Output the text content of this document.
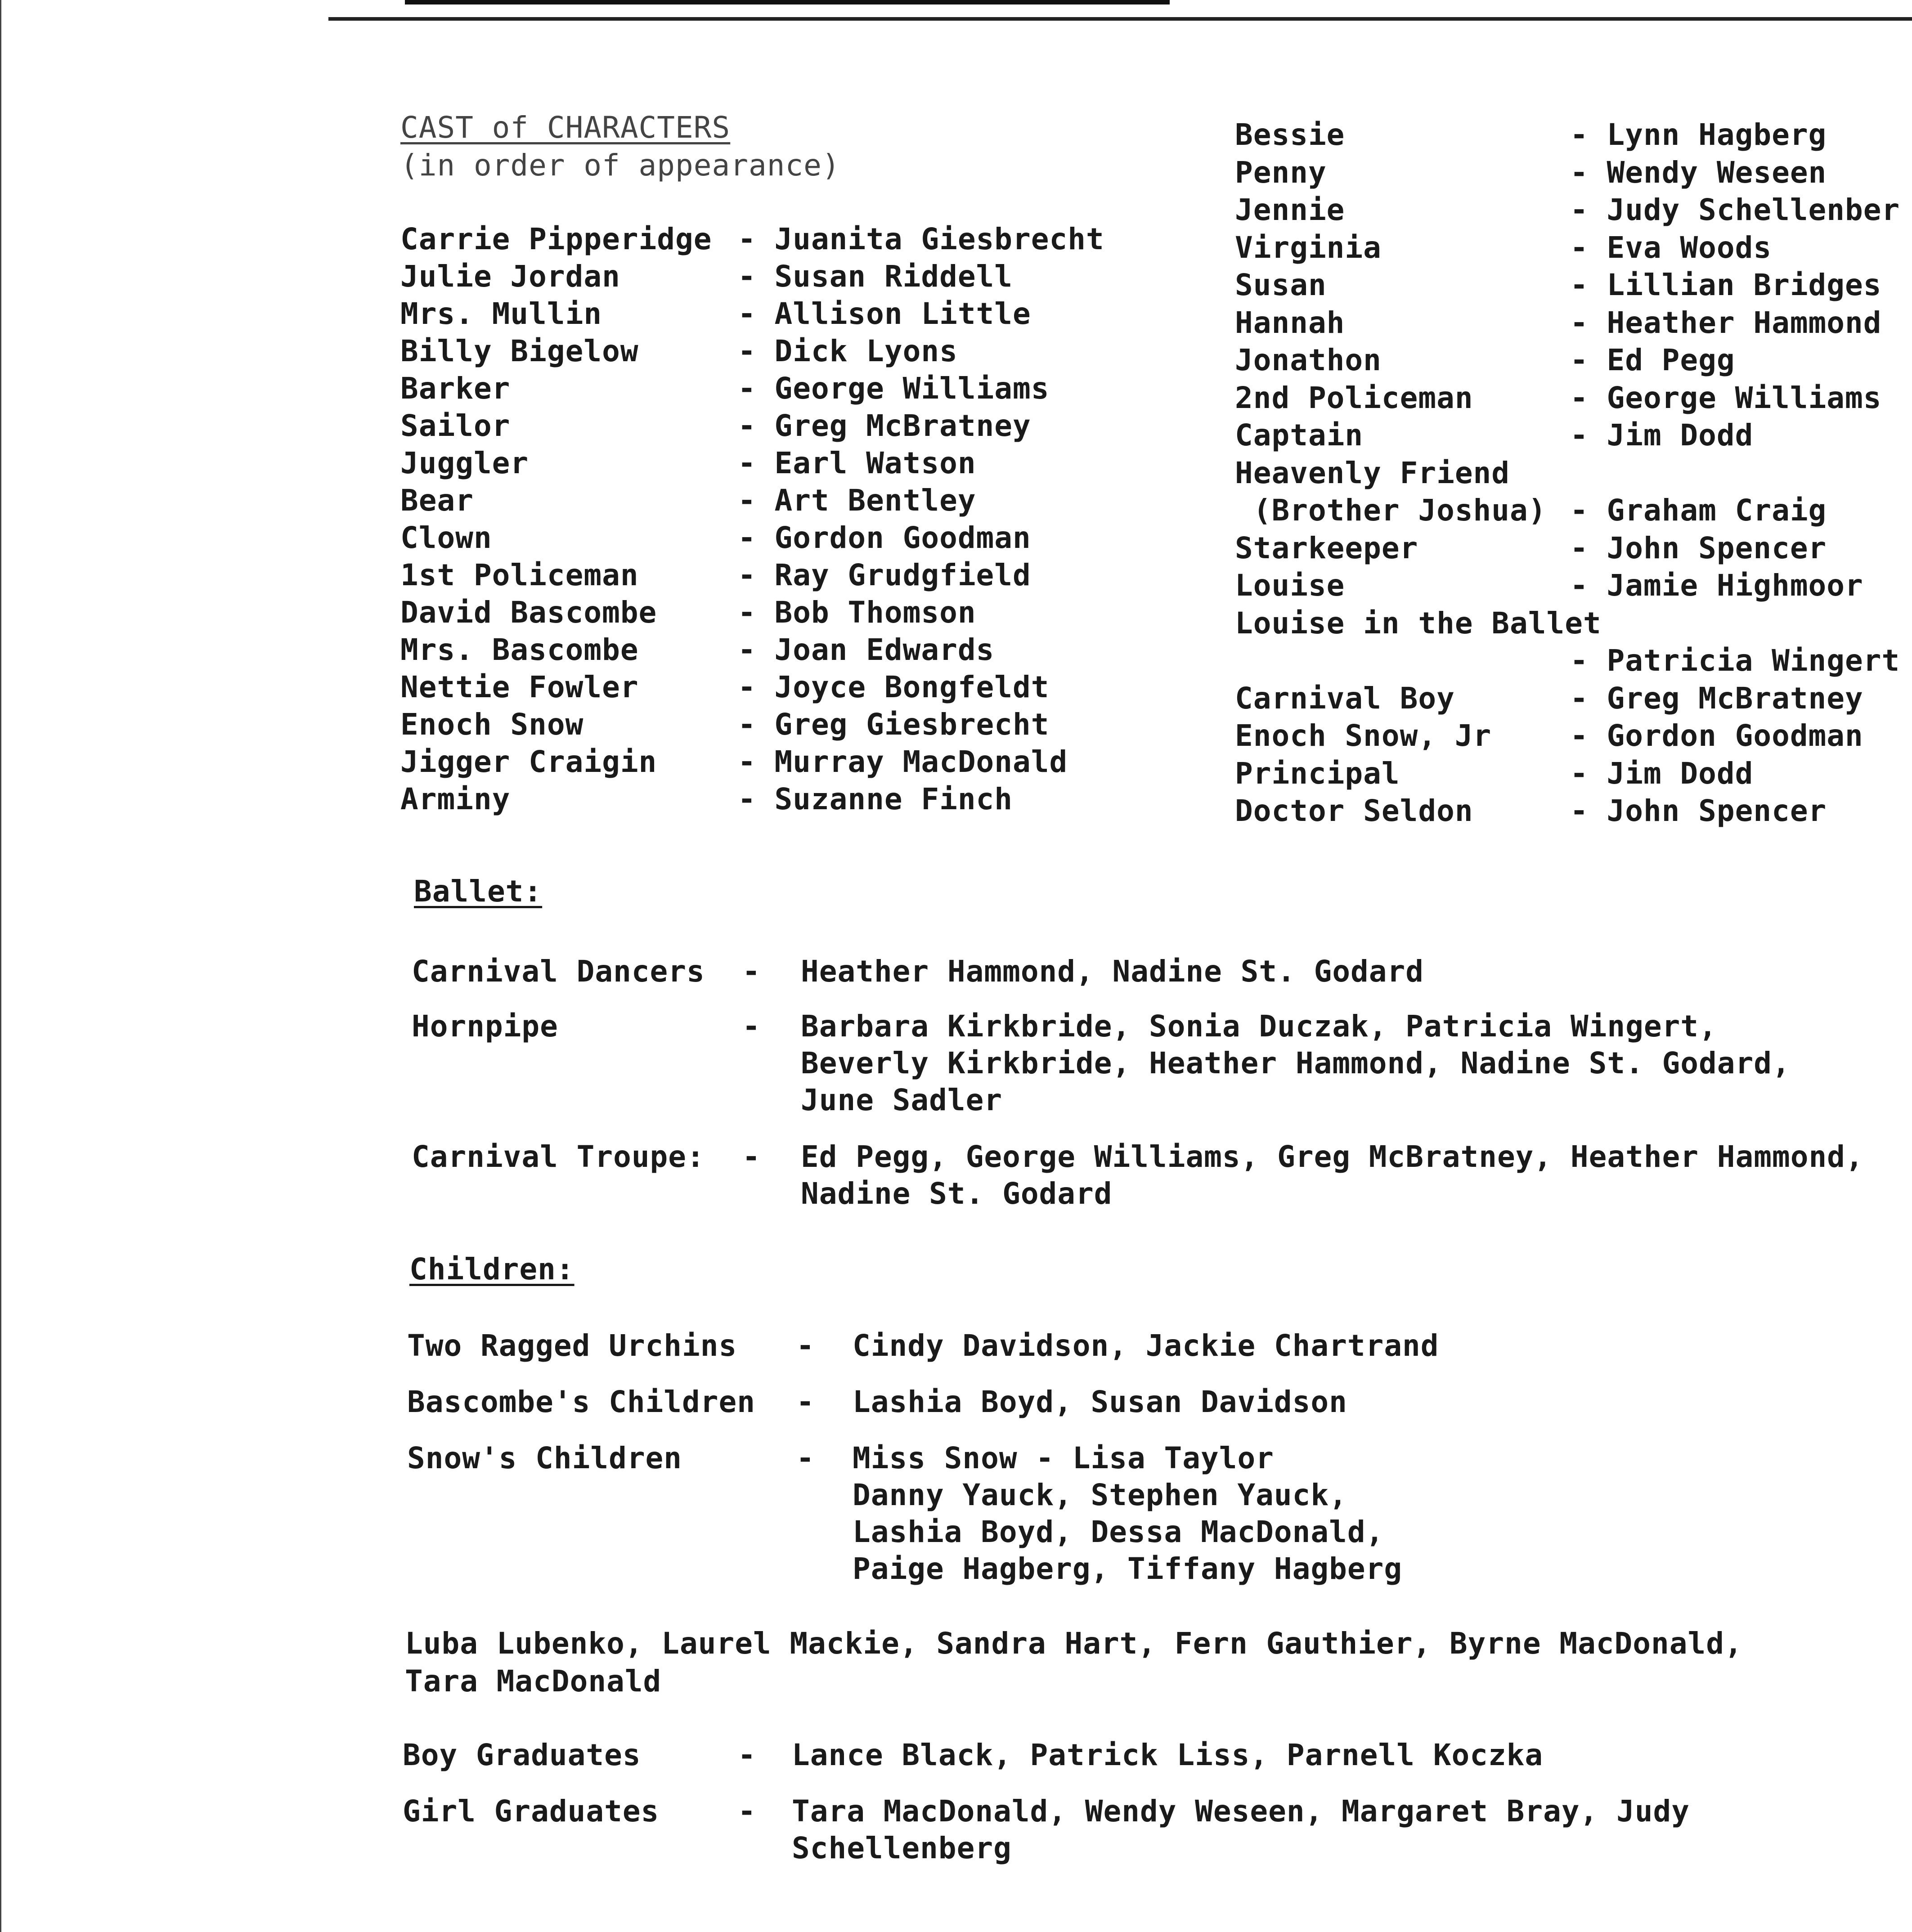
CAST of CHARACTERS
(in order of appearance)
Carrie Pipperidge - Juanita Giesbrecht
Julie Jordan	- Susan Riddell
Mrs. Mullin	- Allison Little
Billy Bigelow	- Dick Lyons
Barker	- George Williams
Sailor	- Greg McBratney
Juggler	- Earl Watson
Bear	- Art Bentley
Clown	- Gordon Goodman
1st Policeman	- Ray Grudgfield
David Bascombe	- Bob Thomson
Mrs. Bascombe	- Joan Edwards
Nettie Fowler	- Joyce Bongfeldt
Enoch Snow	- Greg Giesbrecht
Jigger Craigin	- Murray MacDonald
Arminy	- Suzanne Finch
Bessie	- Lynn Hagberg
Penny	- Wendy Weseen
Jennie	- Judy Schellenber
Virginia	- Eva Woods
Susan	- Lillian Bridges
Hannah	- Heather Hammond
Jonathon	- Ed Pegg
2nd Policeman	- George Williams
Captain	- Jim Dodd
Heavenly Friend
(Brother Joshua) - Graham Craig
Starkeeper	- John Spencer
Louise	- Jamie Highmoor
Louise in the Ballet
- Patricia Wingert
Carnival Boy	- Greg McBratney
Enoch Snow, Jr	- Gordon Goodman
Principal	- Jim Dodd
Doctor Seldon	- John Spencer
Ballet:
Carnival Dancers - Heather Hammond, Nadine St. Godard
Hornpipe	- Barbara Kirkbride, Sonia Duczak, Patricia Wingert,
Beverly Kirkbride, Heather Hammond, Nadine St. Godard,
June Sadler
Carnival Troupe: - Ed Pegg, George Williams, Greg McBratney, Heather Hammond,
Nadine St. Godard
Children:
Two Ragged Urchins - Cindy Davidson, Jackie Chartrand
Bascombe's Children - Lashia Boyd, Susan Davidson
Snow's Children	- Miss Snow - Lisa Taylor
Danny Yauck, Stephen Yauck,
Lashia Boyd, Dessa MacDonald,
Paige Hagberg, Tiffany Hagberg
Luba Lubenko, Laurel Mackie, Sandra Hart, Fern Gauthier, Byrne MacDonald,
Tara MacDonald
Boy Graduates	- Lance Black, Patrick Liss, Parnell Koczka
Girl Graduates	- Tara MacDonald, Wendy Weseen, Margaret Bray, Judy
Schellenberg
